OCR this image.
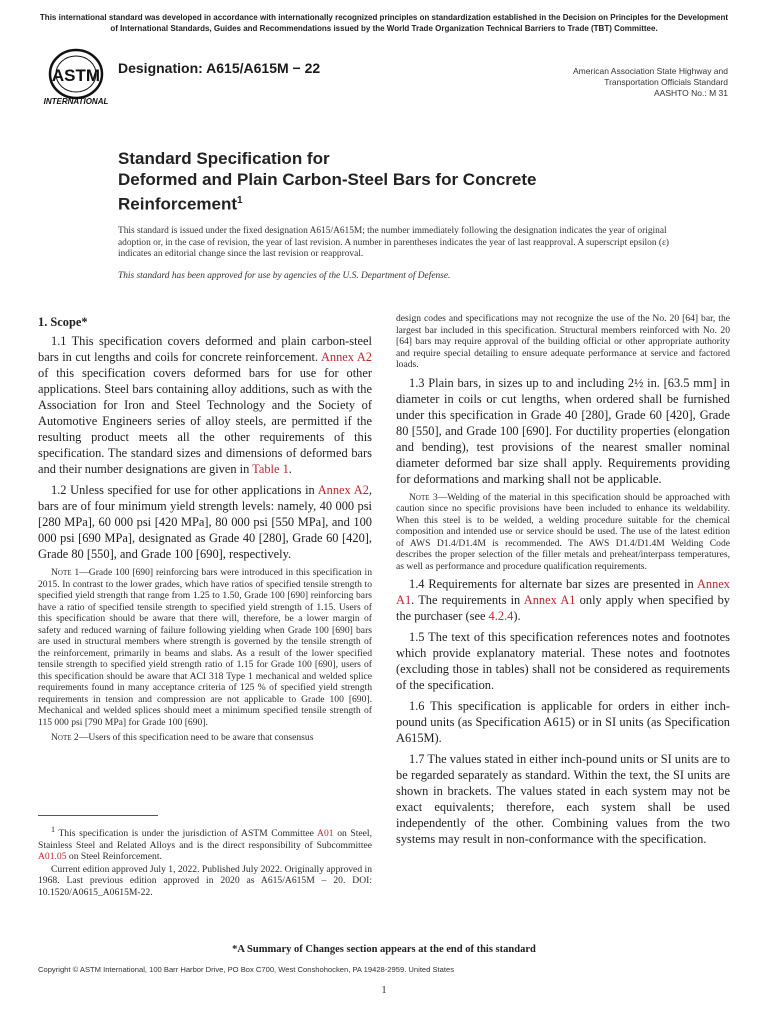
This international standard was developed in accordance with internationally recognized principles on standardization established in the Decision on Principles for the Development of International Standards, Guides and Recommendations issued by the World Trade Organization Technical Barriers to Trade (TBT) Committee.
ASTM
INTERNATIONAL
Designation: A615/A615M − 22	American Association State Highway and
Transportation Officials Standard
AASHTO No.: M 31
Standard Specification for
Deformed and Plain Carbon-Steel Bars for Concrete
Reinforcement$^1$
This standard is issued under the fixed designation A615/A615M; the number immediately following the designation indicates the year of original adoption or, in the case of revision, the year of last revision. A number in parentheses indicates the year of last reapproval. A superscript epsilon (ε) indicates an editorial change since the last revision or reapproval.
This standard has been approved for use by agencies of the U.S. Department of Defense.
1. Scope*

1.1 This specification covers deformed and plain carbon-steel bars in cut lengths and coils for concrete reinforcement. Annex A2 of this specification covers deformed bars for use for other applications. Steel bars containing alloy additions, such as with the Association for Iron and Steel Technology and the Society of Automotive Engineers series of alloy steels, are permitted if the resulting product meets all the other requirements of this specification. The standard sizes and dimensions of deformed bars and their number designations are given in Table 1.

1.2 Unless specified for use for other applications in Annex A2, bars are of four minimum yield strength levels: namely, 40 000 psi [280 MPa], 60 000 psi [420 MPa], 80 000 psi [550 MPa], and 100 000 psi [690 MPa], designated as Grade 40 [280], Grade 60 [420], Grade 80 [550], and Grade 100 [690], respectively.

Note 1—Grade 100 [690] reinforcing bars were introduced in this specification in 2015. In contrast to the lower grades, which have ratios of specified tensile strength to specified yield strength that range from 1.25 to 1.50, Grade 100 [690] reinforcing bars have a ratio of specified tensile strength to specified yield strength of 1.15. Users of this specification should be aware that there will, therefore, be a lower margin of safety and reduced warning of failure following yielding when Grade 100 [690] bars are used in structural members where strength is governed by the tensile strength of the reinforcement, primarily in beams and slabs. As a result of the lower specified tensile strength to specified yield strength ratio of 1.15 for Grade 100 [690], users of this specification should be aware that ACI 318 Type 1 mechanical and welded splice requirements found in many acceptance criteria of 125 % of specified yield strength requirements in tension and compression are not applicable to Grade 100 [690]. Mechanical and welded splices should meet a minimum specified tensile strength of 115 000 psi [790 MPa] for Grade 100 [690].

Note 2—Users of this specification need to be aware that consensus

$^1$ This specification is under the jurisdiction of ASTM Committee A01 on Steel, Stainless Steel and Related Alloys and is the direct responsibility of Subcommittee A01.05 on Steel Reinforcement.

Current edition approved July 1, 2022. Published July 2022. Originally approved in 1968. Last previous edition approved in 2020 as A615/A615M – 20. DOI: 10.1520/A0615_A0615M-22.

design codes and specifications may not recognize the use of the No. 20 [64] bar, the largest bar included in this specification. Structural members reinforced with No. 20 [64] bars may require approval of the building official or other appropriate authority and require special detailing to ensure adequate performance at service and factored loads.

1.3 Plain bars, in sizes up to and including 2½ in. [63.5 mm] in diameter in coils or cut lengths, when ordered shall be furnished under this specification in Grade 40 [280], Grade 60 [420], Grade 80 [550], and Grade 100 [690]. For ductility properties (elongation and bending), test provisions of the nearest smaller nominal diameter deformed bar size shall apply. Requirements providing for deformations and marking shall not be applicable.

Note 3—Welding of the material in this specification should be approached with caution since no specific provisions have been included to enhance its weldability. When this steel is to be welded, a welding procedure suitable for the chemical composition and intended use or service should be used. The use of the latest edition of AWS D1.4/D1.4M is recommended. The AWS D1.4/D1.4M Welding Code describes the proper selection of the filler metals and preheat/interpass temperatures, as well as performance and procedure qualification requirements.

1.4 Requirements for alternate bar sizes are presented in Annex A1. The requirements in Annex A1 only apply when specified by the purchaser (see 4.2.4).

1.5 The text of this specification references notes and footnotes which provide explanatory material. These notes and footnotes (excluding those in tables) shall not be considered as requirements of the specification.

1.6 This specification is applicable for orders in either inch-pound units (as Specification A615) or in SI units (as Specification A615M).

1.7 The values stated in either inch-pound units or SI units are to be regarded separately as standard. Within the text, the SI units are shown in brackets. The values stated in each system may not be exact equivalents; therefore, each system shall be used independently of the other. Combining values from the two systems may result in non-conformance with the specification.

*A Summary of Changes section appears at the end of this standard
Copyright © ASTM International, 100 Barr Harbor Drive, PO Box C700, West Conshohocken, PA 19428-2959. United States
1
